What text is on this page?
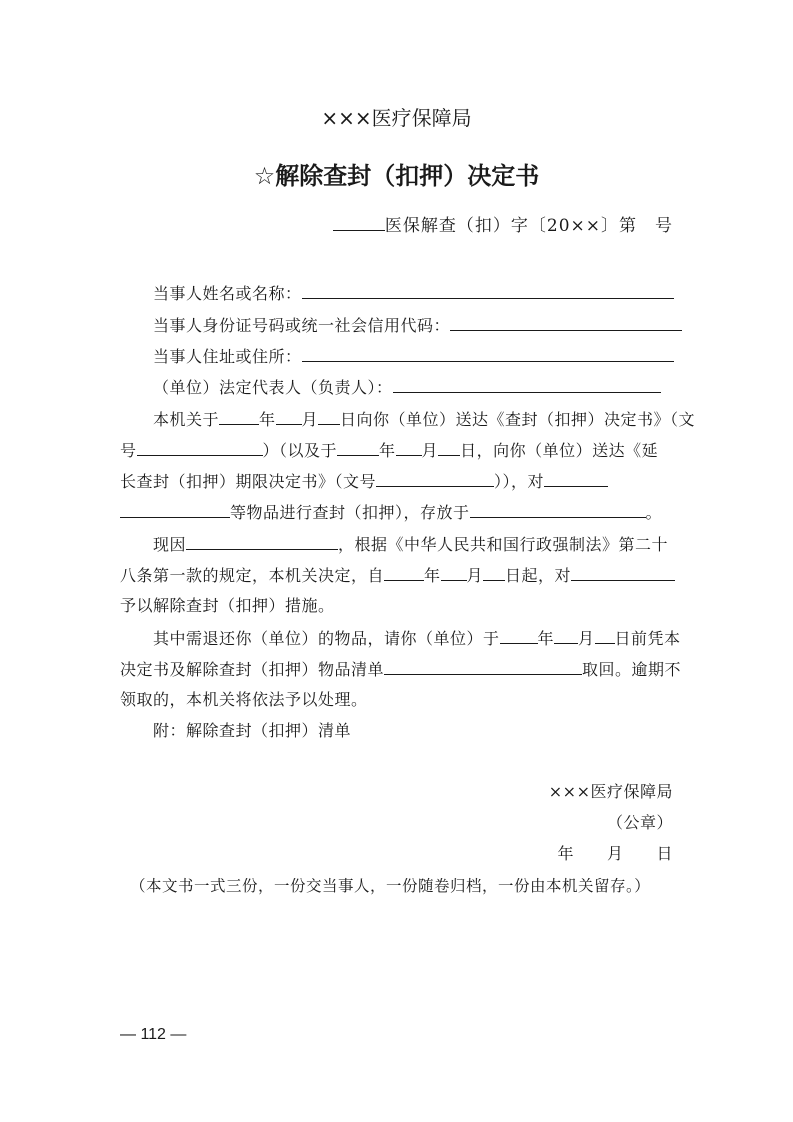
×××医疗保障局
☆解除查封（扣押）决定书
医保解查（扣）字〔20××〕第　号
当事人姓名或名称：
当事人身份证号码或统一社会信用代码：
当事人住址或住所：
（单位）法定代表人（负责人）：
本机关于	年 月 日向你（单位）送达《查封（扣押）决定书》（文
号	）（以及于	年 月 日，向你（单位）送达《延
长查封（扣押）期限决定书》（文号	）），对
等物品进行查封（扣押），存放于	。
现因	，根据《中华人民共和国行政强制法》第二十
八条第一款的规定，本机关决定，自	年 月 日起，对
予以解除查封（扣押）措施。
其中需退还你（单位）的物品，请你（单位）于 年 月 日前凭本
决定书及解除查封（扣押）物品清单	取回。逾期不
领取的，本机关将依法予以处理。
附：解除查封（扣押）清单
×××医疗保障局
（公章）
年　　月　　日
（本文书一式三份，一份交当事人，一份随卷归档，一份由本机关留存。）
— 112 —
